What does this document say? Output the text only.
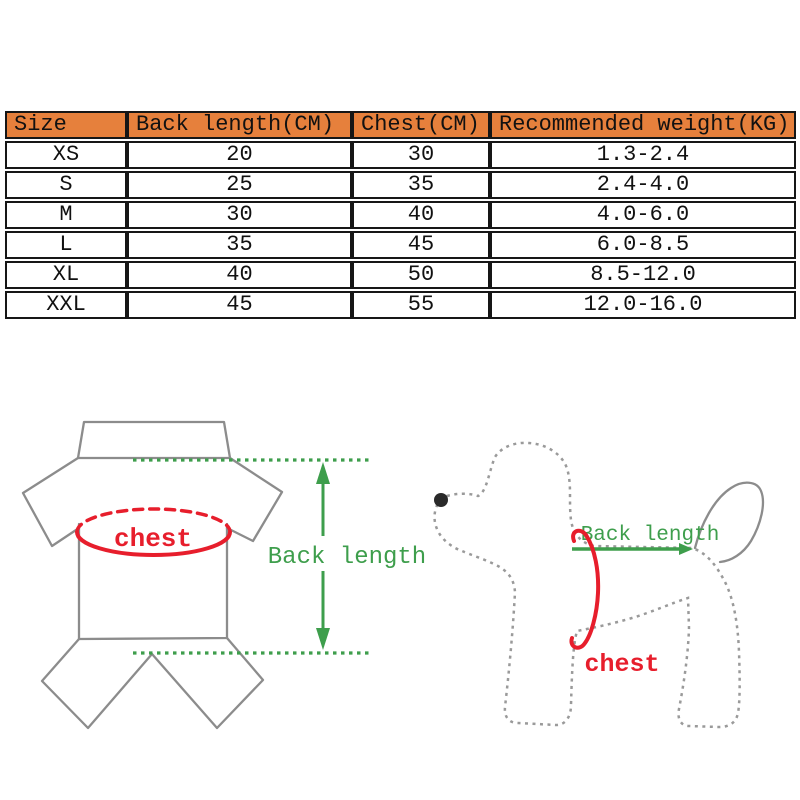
Size	Back length(CM)	Chest(CM)	Recommended weight(KG)
XS	20	30	1.3-2.4
S	25	35	2.4-4.0
M	30	40	4.0-6.0
L	35	45	6.0-8.5
XL	40	50	8.5-12.0
XXL	45	55	12.0-16.0
chest
Back length
Back length
chest
